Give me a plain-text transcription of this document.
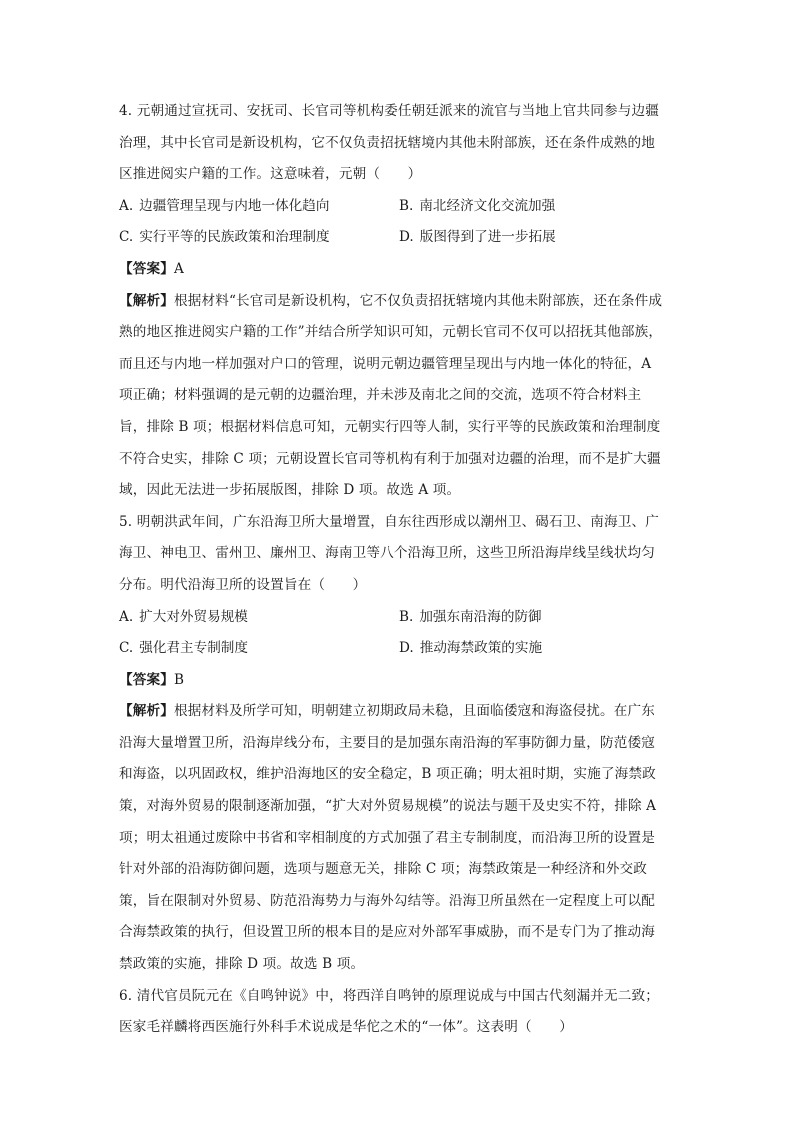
4. 元朝通过宣抚司、安抚司、长官司等机构委任朝廷派来的流官与当地上官共同参与边疆
治理，其中长官司是新设机构，它不仅负责招抚辖境内其他未附部族，还在条件成熟的地
区推进阅实户籍的工作。这意味着，元朝（　　）
A. 边疆管理呈现与内地一体化趋向	B. 南北经济文化交流加强
C. 实行平等的民族政策和治理制度	D. 版图得到了进一步拓展
【答案】A
【解析】根据材料“长官司是新设机构，它不仅负责招抚辖境内其他未附部族，还在条件成
熟的地区推进阅实户籍的工作”并结合所学知识可知，元朝长官司不仅可以招抚其他部族，
而且还与内地一样加强对户口的管理，说明元朝边疆管理呈现出与内地一体化的特征，A
项正确；材料强调的是元朝的边疆治理，并未涉及南北之间的交流，选项不符合材料主
旨，排除 B 项；根据材料信息可知，元朝实行四等人制，实行平等的民族政策和治理制度
不符合史实，排除 C 项；元朝设置长官司等机构有利于加强对边疆的治理，而不是扩大疆
域，因此无法进一步拓展版图，排除 D 项。故选 A 项。
5. 明朝洪武年间，广东沿海卫所大量增置，自东往西形成以潮州卫、碣石卫、南海卫、广
海卫、神电卫、雷州卫、廉州卫、海南卫等八个沿海卫所，这些卫所沿海岸线呈线状均匀
分布。明代沿海卫所的设置旨在（　　）
A. 扩大对外贸易规模	B. 加强东南沿海的防御
C. 强化君主专制制度	D. 推动海禁政策的实施
【答案】B
【解析】根据材料及所学可知，明朝建立初期政局未稳，且面临倭寇和海盗侵扰。在广东
沿海大量增置卫所，沿海岸线分布，主要目的是加强东南沿海的军事防御力量，防范倭寇
和海盗，以巩固政权，维护沿海地区的安全稳定，B 项正确；明太祖时期，实施了海禁政
策，对海外贸易的限制逐渐加强，“扩大对外贸易规模”的说法与题干及史实不符，排除 A
项；明太祖通过废除中书省和宰相制度的方式加强了君主专制制度，而沿海卫所的设置是
针对外部的沿海防御问题，选项与题意无关，排除 C 项；海禁政策是一种经济和外交政
策，旨在限制对外贸易、防范沿海势力与海外勾结等。沿海卫所虽然在一定程度上可以配
合海禁政策的执行，但设置卫所的根本目的是应对外部军事威胁，而不是专门为了推动海
禁政策的实施，排除 D 项。故选 B 项。
6. 清代官员阮元在《自鸣钟说》中，将西洋自鸣钟的原理说成与中国古代刻漏并无二致；
医家毛祥麟将西医施行外科手术说成是华佗之术的“一体”。这表明（　　）
